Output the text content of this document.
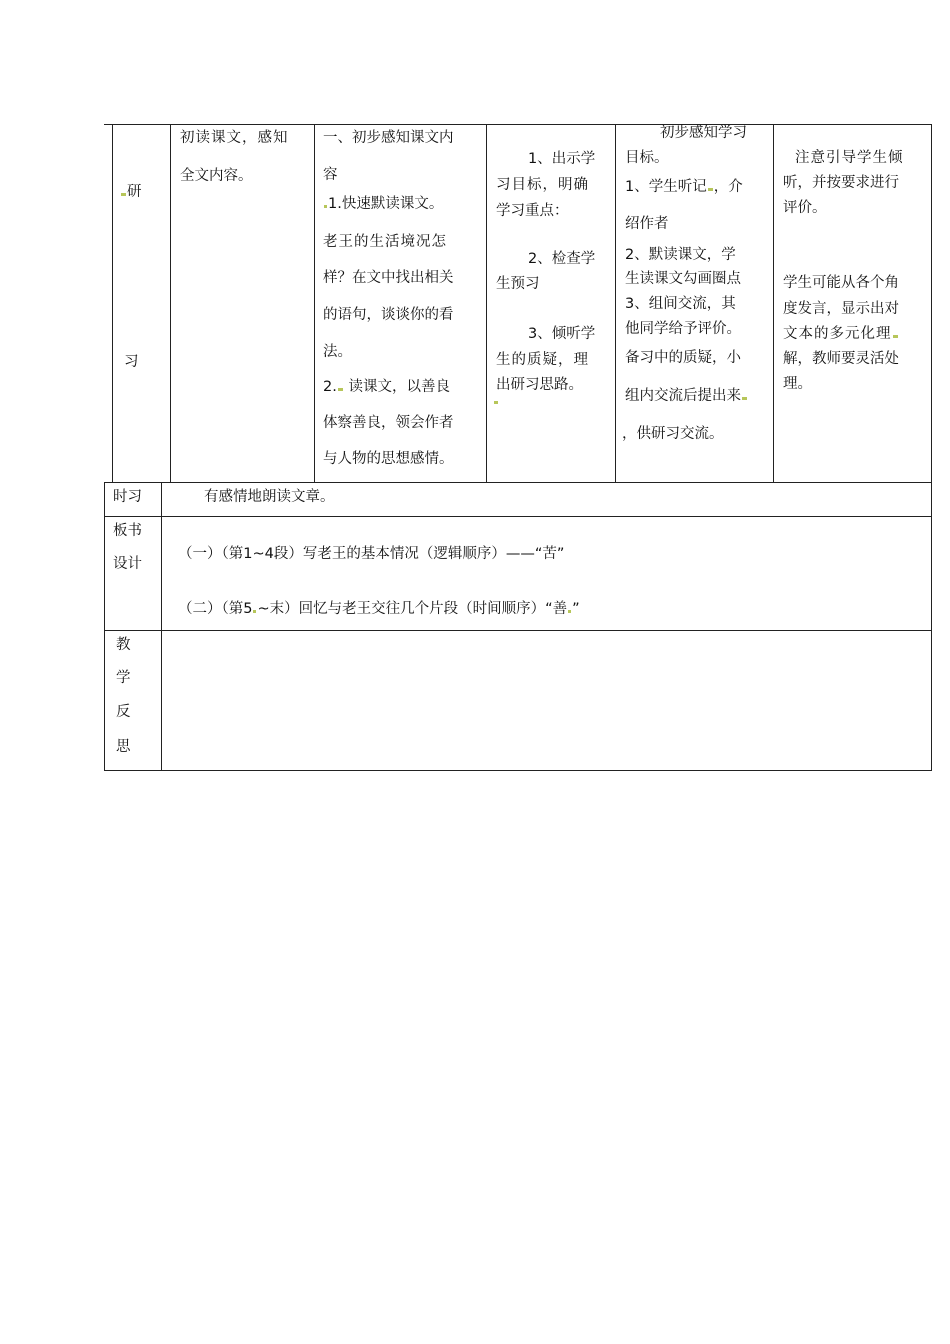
研
习
初读课文，感知
全文内容。
一、初步感知课文内
容
1.快速默读课文。
老王的生活境况怎
样？在文中找出相关
的语句，谈谈你的看
法。
2. 读课文，以善良
体察善良，领会作者
与人物的思想感情。
1、出示学
习目标，明确
学习重点：
2、检查学
生预习
3、倾听学
生的质疑，理
出研习思路。
初步感知学习
目标。
1、学生听记 ，介
绍作者
2、默读课文，学
生读课文勾画圈点
3、组间交流，其
他同学给予评价。
备习中的质疑，小
组内交流后提出来
，供研习交流。
注意引导学生倾
听，并按要求进行
评价。
学生可能从各个角
度发言，显示出对
文本的多元化理
解，教师要灵活处
理。
时习	有感情地朗读文章。
板书
设计
（一）（第1~4段）写老王的基本情况（逻辑顺序）——“苦”
（二）（第5 ~末）回忆与老王交往几个片段（时间顺序）“善 ”
教
学
反
思
